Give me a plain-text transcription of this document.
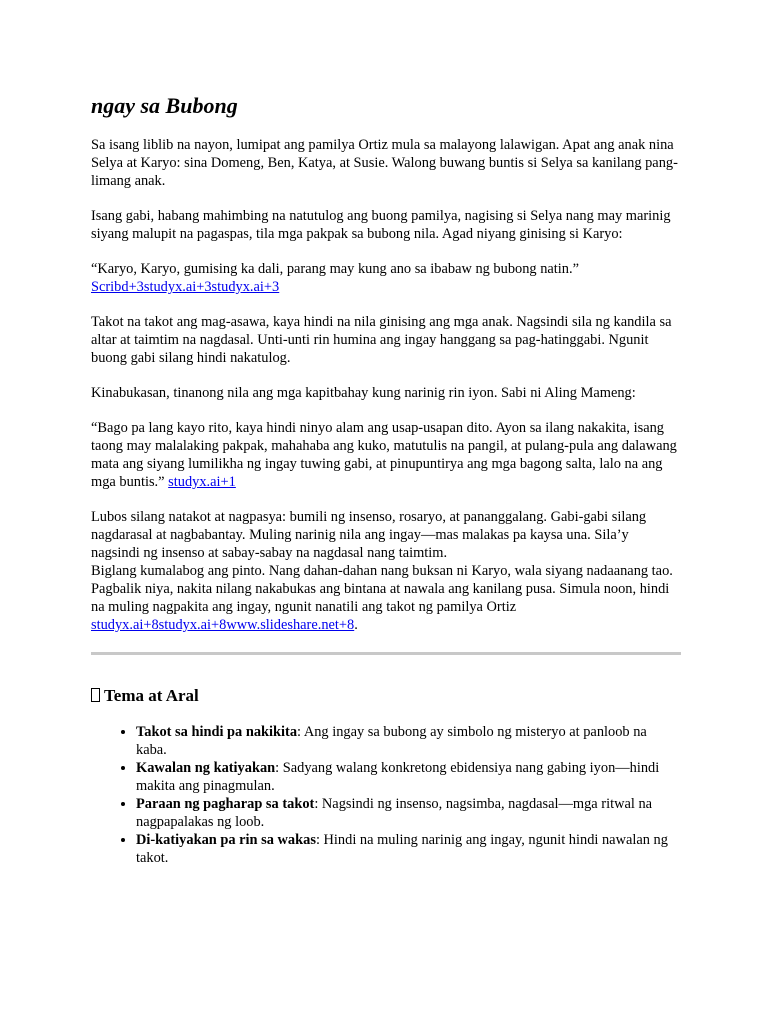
ngay sa Bubong

Sa isang liblib na nayon, lumipat ang pamilya Ortiz mula sa malayong lalawigan. Apat ang anak nina Selya at Karyo: sina Domeng, Ben, Katya, at Susie. Walong buwang buntis si Selya sa kanilang pang-limang anak.

Isang gabi, habang mahimbing na natutulog ang buong pamilya, nagising si Selya nang may marinig siyang malupit na pagaspas, tila mga pakpak sa bubong nila. Agad niyang ginising si Karyo:

“Karyo, Karyo, gumising ka dali, parang may kung ano sa ibabaw ng bubong natin.”
Scribd+3studyx.ai+3studyx.ai+3

Takot na takot ang mag-asawa, kaya hindi na nila ginising ang mga anak. Nagsindi sila ng kandila sa altar at taimtim na nagdasal. Unti-unti rin humina ang ingay hanggang sa pag-hatinggabi. Ngunit buong gabi silang hindi nakatulog.

Kinabukasan, tinanong nila ang mga kapitbahay kung narinig rin iyon. Sabi ni Aling Mameng:

“Bago pa lang kayo rito, kaya hindi ninyo alam ang usap-usapan dito. Ayon sa ilang nakakita, isang taong may malalaking pakpak, mahahaba ang kuko, matutulis na pangil, at pulang-pula ang dalawang mata ang siyang lumilikha ng ingay tuwing gabi, at pinupuntirya ang mga bagong salta, lalo na ang mga buntis.” studyx.ai+1

Lubos silang natakot at nagpasya: bumili ng insenso, rosaryo, at pananggalang. Gabi-gabi silang nagdarasal at nagbabantay. Muling narinig nila ang ingay—mas malakas pa kaysa una. Sila’y nagsindi ng insenso at sabay-sabay na nagdasal nang taimtim.

Biglang kumalabog ang pinto. Nang dahan-dahan nang buksan ni Karyo, wala siyang nadaanang tao. Pagbalik niya, nakita nilang nakabukas ang bintana at nawala ang kanilang pusa. Simula noon, hindi na muling nagpakita ang ingay, ngunit nanatili ang takot ng pamilya Ortiz studyx.ai+8studyx.ai+8www.slideshare.net+8.

Tema at Aral
• Takot sa hindi pa nakikita: Ang ingay sa bubong ay simbolo ng misteryo at panloob na kaba.
• Kawalan ng katiyakan: Sadyang walang konkretong ebidensiya nang gabing iyon—hindi makita ang pinagmulan.
• Paraan ng pagharap sa takot: Nagsindi ng insenso, nagsimba, nagdasal—mga ritwal na nagpapalakas ng loob.
• Di-katiyakan pa rin sa wakas: Hindi na muling narinig ang ingay, ngunit hindi nawalan ng takot.
